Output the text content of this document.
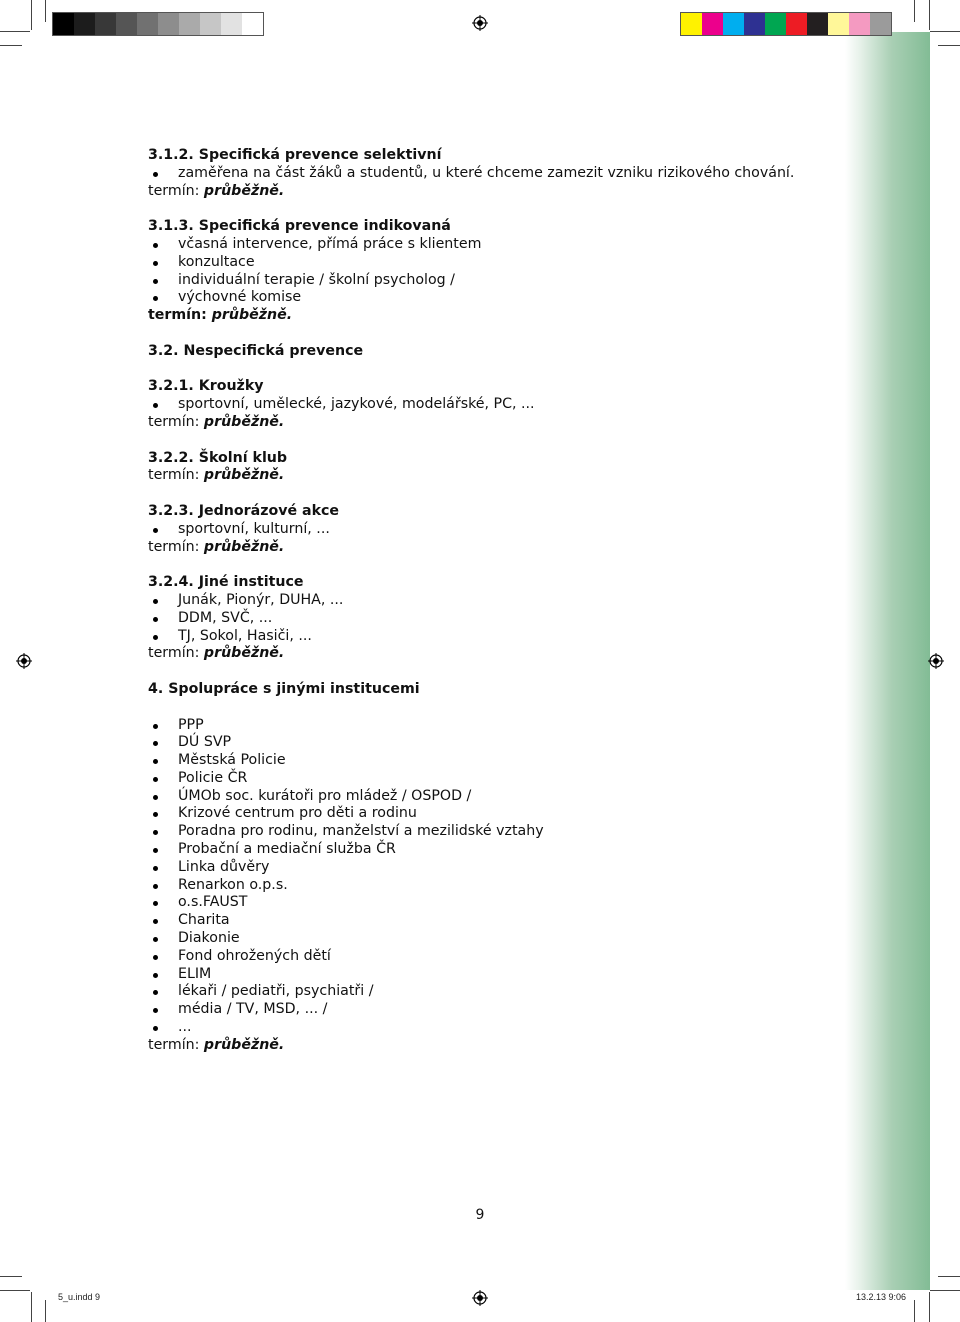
3.1.2. Specifická prevence selektivní
zaměřena na část žáků a studentů, u které chceme zamezit vzniku rizikového chování.
termín: průběžně.
3.1.3. Specifická prevence indikovaná
včasná intervence, přímá práce s klientem
konzultace
individuální terapie / školní psycholog /
výchovné komise
termín: průběžně.
3.2. Nespecifická prevence
3.2.1. Kroužky
sportovní, umělecké, jazykové, modelářské, PC, ...
termín: průběžně.
3.2.2. Školní klub
termín: průběžně.
3.2.3. Jednorázové akce
sportovní, kulturní, ...
termín: průběžně.
3.2.4. Jiné instituce
Junák, Pionýr, DUHA, ...
DDM, SVČ, ...
TJ, Sokol, Hasiči, ...
termín: průběžně.
4. Spolupráce s jinými institucemi
PPP
DÚ SVP
Městská Policie
Policie ČR
ÚMOb soc. kurátoři pro mládež / OSPOD /
Krizové centrum pro děti a rodinu
Poradna pro rodinu, manželství a mezilidské vztahy
Probační a mediační služba ČR
Linka důvěry
Renarkon o.p.s.
o.s.FAUST
Charita
Diakonie
Fond ohrožených dětí
ELIM
lékaři / pediatři, psychiatři /
média / TV, MSD, ... /
...
termín: průběžně.
9
5_u.indd 9	13.2.13 9:06
